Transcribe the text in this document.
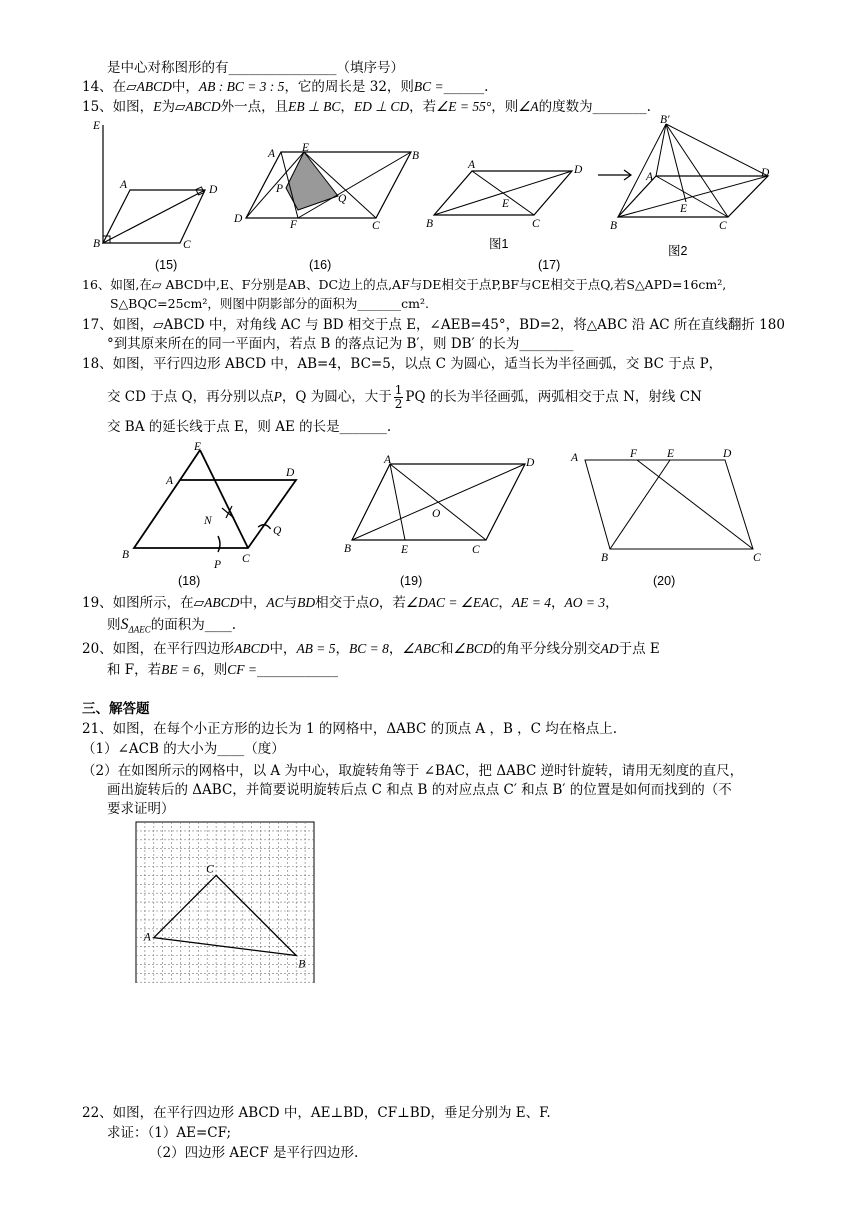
是中心对称图形的有________________（填序号）
14、在▱ABCD中，AB : BC = 3 : 5，它的周长是 32，则BC =______.
15、如图，E为▱ABCD外一点，且EB ⊥ BC，ED ⊥ CD，若∠E = 55°，则∠A的度数为________.
E
A
B	C
D
A E
B
P
Q
D	F	C
A	D
B
E
C
图1
B′
A	D
E
B	C
图2
(15)	(16)	(17)
16、如图,在▱ ABCD中,E、F分别是AB、DC边上的点,AF与DE相交于点P,BF与CE相交于点Q,若S△APD=16cm²,
S△BQC=25cm²，则图中阴影部分的面积为_______cm².
17、如图，▱ABCD 中，对角线 AC 与 BD 相交于点 E，∠AEB=45°，BD=2，将△ABC 沿 AC 所在直线翻折 180
°到其原来所在的同一平面内，若点 B 的落点记为 B′，则 DB′ 的长为________
18、如图，平行四边形 ABCD 中，AB=4，BC=5，以点 C 为圆心，适当长为半径画弧，交 BC 于点 P，
交 CD 于点 Q，再分别以点P，Q 为圆心，大于 $\frac{1}{2}$ PQ 的长为半径画弧，两弧相交于点 N，射线 CN
交 BA 的延长线于点 E，则 AE 的长是_______.
E
A
D
N
Q
B	C
P
A	D
O
B	E	C
A	F	E	D
B	C
(18)	(19)	(20)
19、如图所示，在▱ABCD中，AC与BD相交于点O，若∠DAC = ∠EAC，AE = 4，AO = 3，
则$S_{\Delta AEC}$的面积为____.
20、如图，在平行四边形ABCD中，AB = 5，BC = 8，∠ABC和∠BCD的角平分线分别交AD于点 E
和 F，若BE = 6，则CF =____________
三、解答题
21、如图，在每个小正方形的边长为 1 的网格中，ΔABC 的顶点 A ，B ，C 均在格点上.
（1）∠ACB 的大小为____（度）
（2）在如图所示的网格中，以 A 为中心，取旋转角等于 ∠BAC，把 ΔABC 逆时针旋转，请用无刻度的直尺，
画出旋转后的 ΔABC，并简要说明旋转后点 C 和点 B 的对应点点 C′ 和点 B′ 的位置是如何而找到的（不
要求证明）
A
C
B
22、如图，在平行四边形 ABCD 中，AE⊥BD，CF⊥BD，垂足分别为 E、F.
求证：（1）AE=CF;
（2）四边形 AECF 是平行四边形.
